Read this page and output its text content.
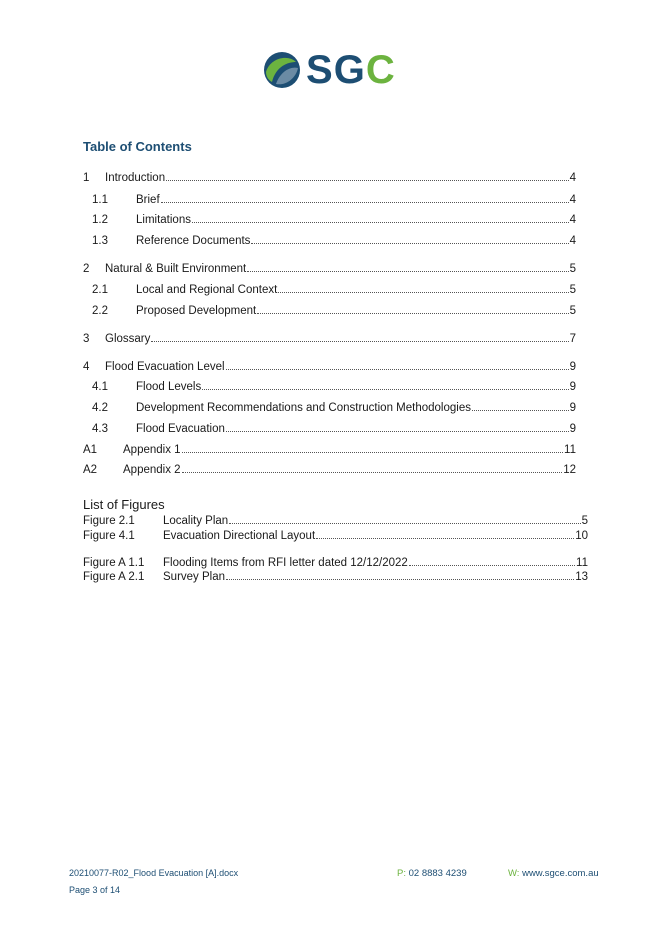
SGC
Table of Contents
1	Introduction	4
1.1	Brief	4
1.2	Limitations	4
1.3	Reference Documents	4
2	Natural & Built Environment	5
2.1	Local and Regional Context	5
2.2	Proposed Development	5
3	Glossary	7
4	Flood Evacuation Level	9
4.1	Flood Levels	9
4.2	Development Recommendations and Construction Methodologies	9
4.3	Flood Evacuation	9
A1	Appendix 1	11
A2	Appendix 2	12
List of Figures
Figure 2.1	Locality Plan	5
Figure 4.1	Evacuation Directional Layout	10
Figure A 1.1	Flooding Items from RFI letter dated 12/12/2022	11
Figure A 2.1	Survey Plan	13
20210077-R02_Flood Evacuation [A].docx
Page 3 of 14
P: 02 8883 4239	W: www.sgce.com.au
